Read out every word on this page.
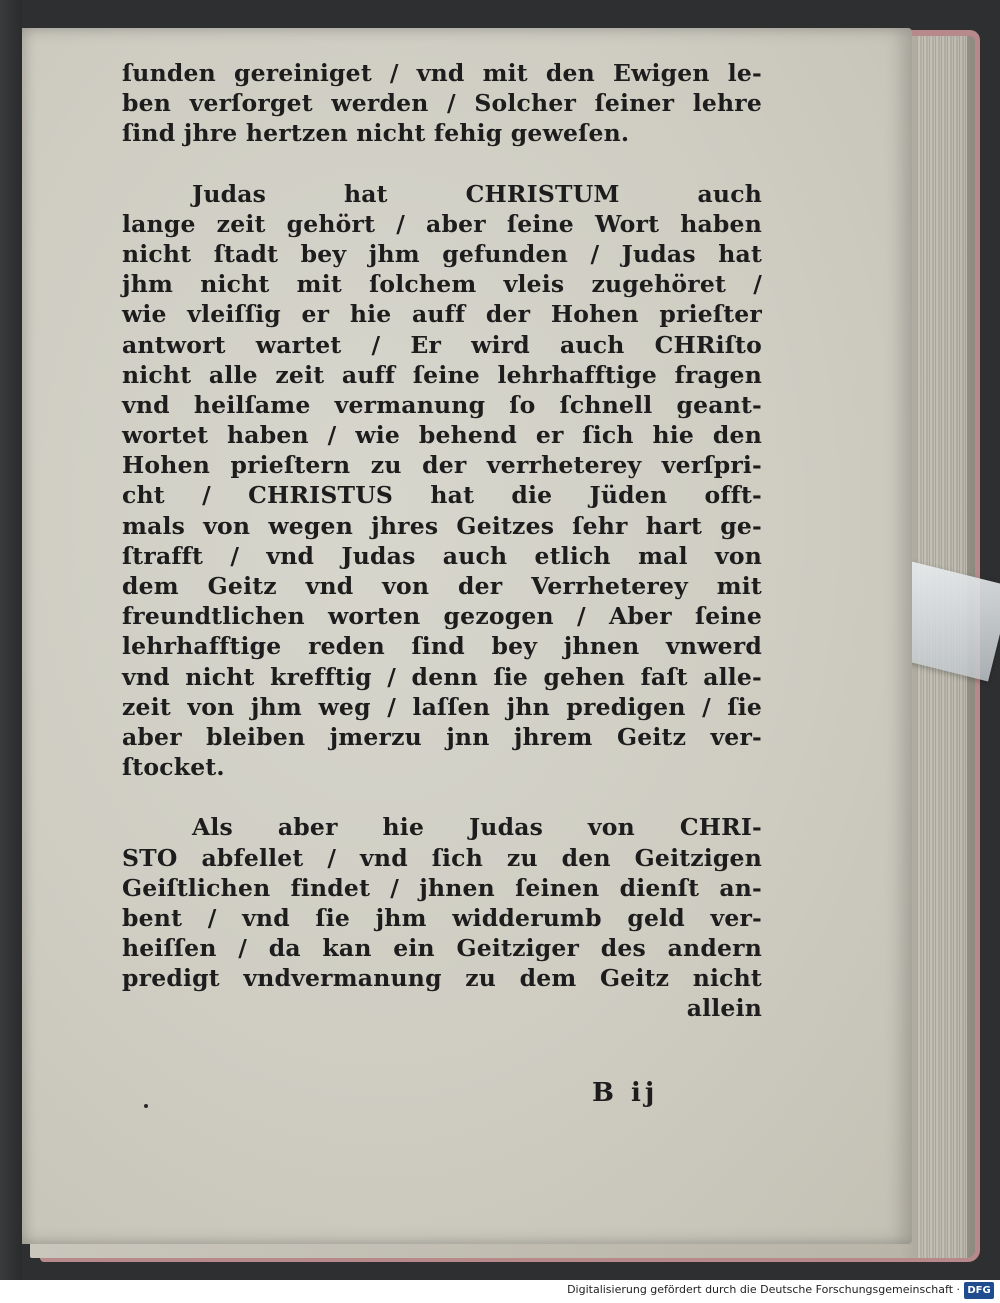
ſunden gereiniget / vnd mit den Ewigen le-
ben verſorget werden / Solcher ſeiner lehre
ſind jhre hertzen nicht fehig geweſen.
Judas hat CHRISTUM auch
lange zeit gehört / aber ſeine Wort haben
nicht ſtadt bey jhm gefunden / Judas hat
jhm nicht mit ſolchem vleis zugehöret /
wie vleiſſig er hie auff der Hohen prieſter
antwort wartet / Er wird auch CHRiſto
nicht alle zeit auff ſeine lehrhafftige fragen
vnd heilſame vermanung ſo ſchnell geant-
wortet haben / wie behend er ſich hie den
Hohen prieſtern zu der verrheterey verſpri-
cht / CHRISTUS hat die Jüden offt-
mals von wegen jhres Geitzes ſehr hart ge-
ſtrafft / vnd Judas auch etlich mal von
dem Geitz vnd von der Verrheterey mit
freundtlichen worten gezogen / Aber ſeine
lehrhafftige reden ſind bey jhnen vnwerd
vnd nicht krefftig / denn ſie gehen faſt alle-
zeit von jhm weg / laſſen jhn predigen / ſie
aber bleiben jmerzu jnn jhrem Geitz ver-
ſtocket.
Als aber hie Judas von CHRI-
STO abfellet / vnd ſich zu den Geitzigen
Geiſtlichen findet / jhnen ſeinen dienſt an-
bent / vnd ſie jhm widderumb geld ver-
heiſſen / da kan ein Geitziger des andern
predigt vndvermanung zu dem Geitz nicht
allein
B ij
Digitalisierung gefördert durch die Deutsche Forschungsgemeinschaft · DFG
